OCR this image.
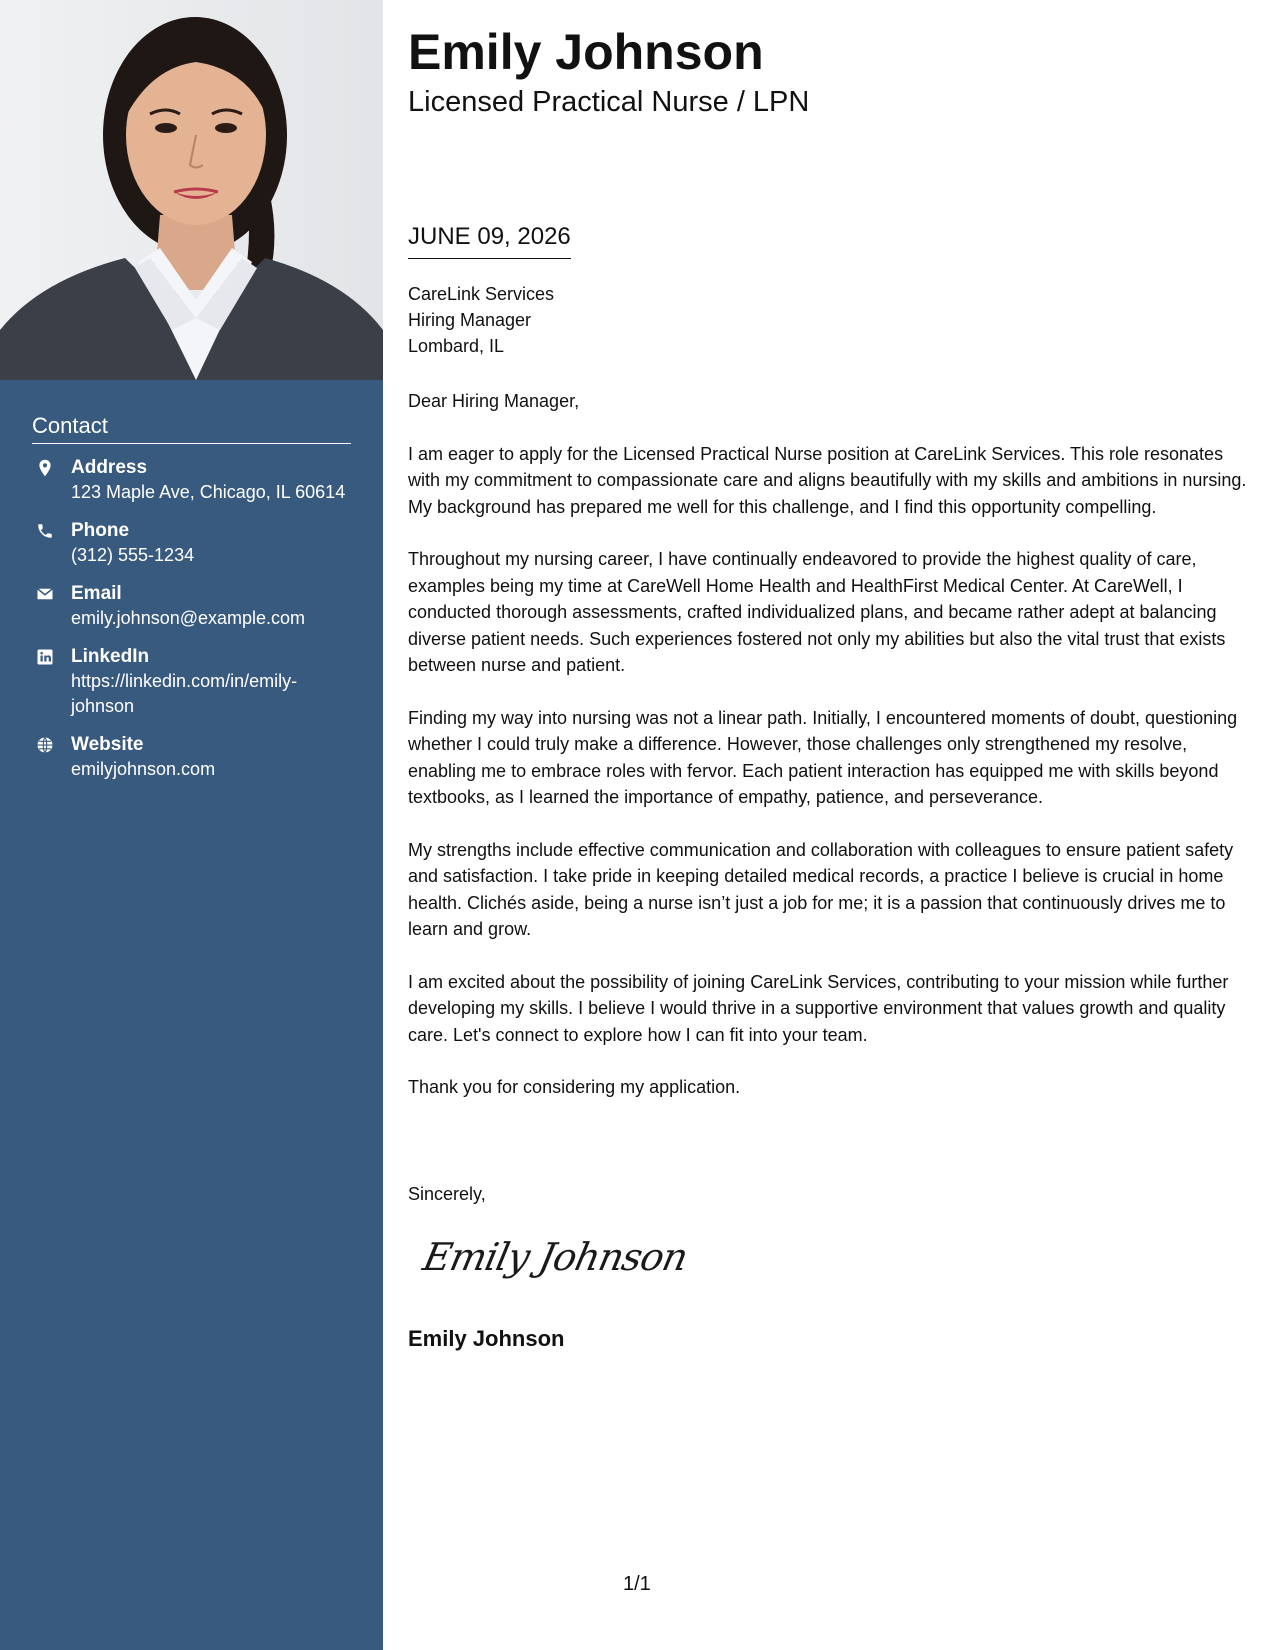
Contact
Address
123 Maple Ave, Chicago, IL 60614
Phone
(312) 555-1234
Email
emily.johnson@example.com
LinkedIn
https://linkedin.com/in/emily-johnson
Website
emilyjohnson.com
Emily Johnson
Licensed Practical Nurse / LPN
JUNE 09, 2026
CareLink Services
Hiring Manager
Lombard, IL

Dear Hiring Manager,

I am eager to apply for the Licensed Practical Nurse position at CareLink Services. This role resonates with my commitment to compassionate care and aligns beautifully with my skills and ambitions in nursing. My background has prepared me well for this challenge, and I find this opportunity compelling.

Throughout my nursing career, I have continually endeavored to provide the highest quality of care, examples being my time at CareWell Home Health and HealthFirst Medical Center. At CareWell, I conducted thorough assessments, crafted individualized plans, and became rather adept at balancing diverse patient needs. Such experiences fostered not only my abilities but also the vital trust that exists between nurse and patient.

Finding my way into nursing was not a linear path. Initially, I encountered moments of doubt, questioning whether I could truly make a difference. However, those challenges only strengthened my resolve, enabling me to embrace roles with fervor. Each patient interaction has equipped me with skills beyond textbooks, as I learned the importance of empathy, patience, and perseverance.

My strengths include effective communication and collaboration with colleagues to ensure patient safety and satisfaction. I take pride in keeping detailed medical records, a practice I believe is crucial in home health. Clichés aside, being a nurse isn’t just a job for me; it is a passion that continuously drives me to learn and grow.

I am excited about the possibility of joining CareLink Services, contributing to your mission while further developing my skills. I believe I would thrive in a supportive environment that values growth and quality care. Let's connect to explore how I can fit into your team.

Thank you for considering my application.

Sincerely,
Emily Johnson
Emily Johnson
1/1
